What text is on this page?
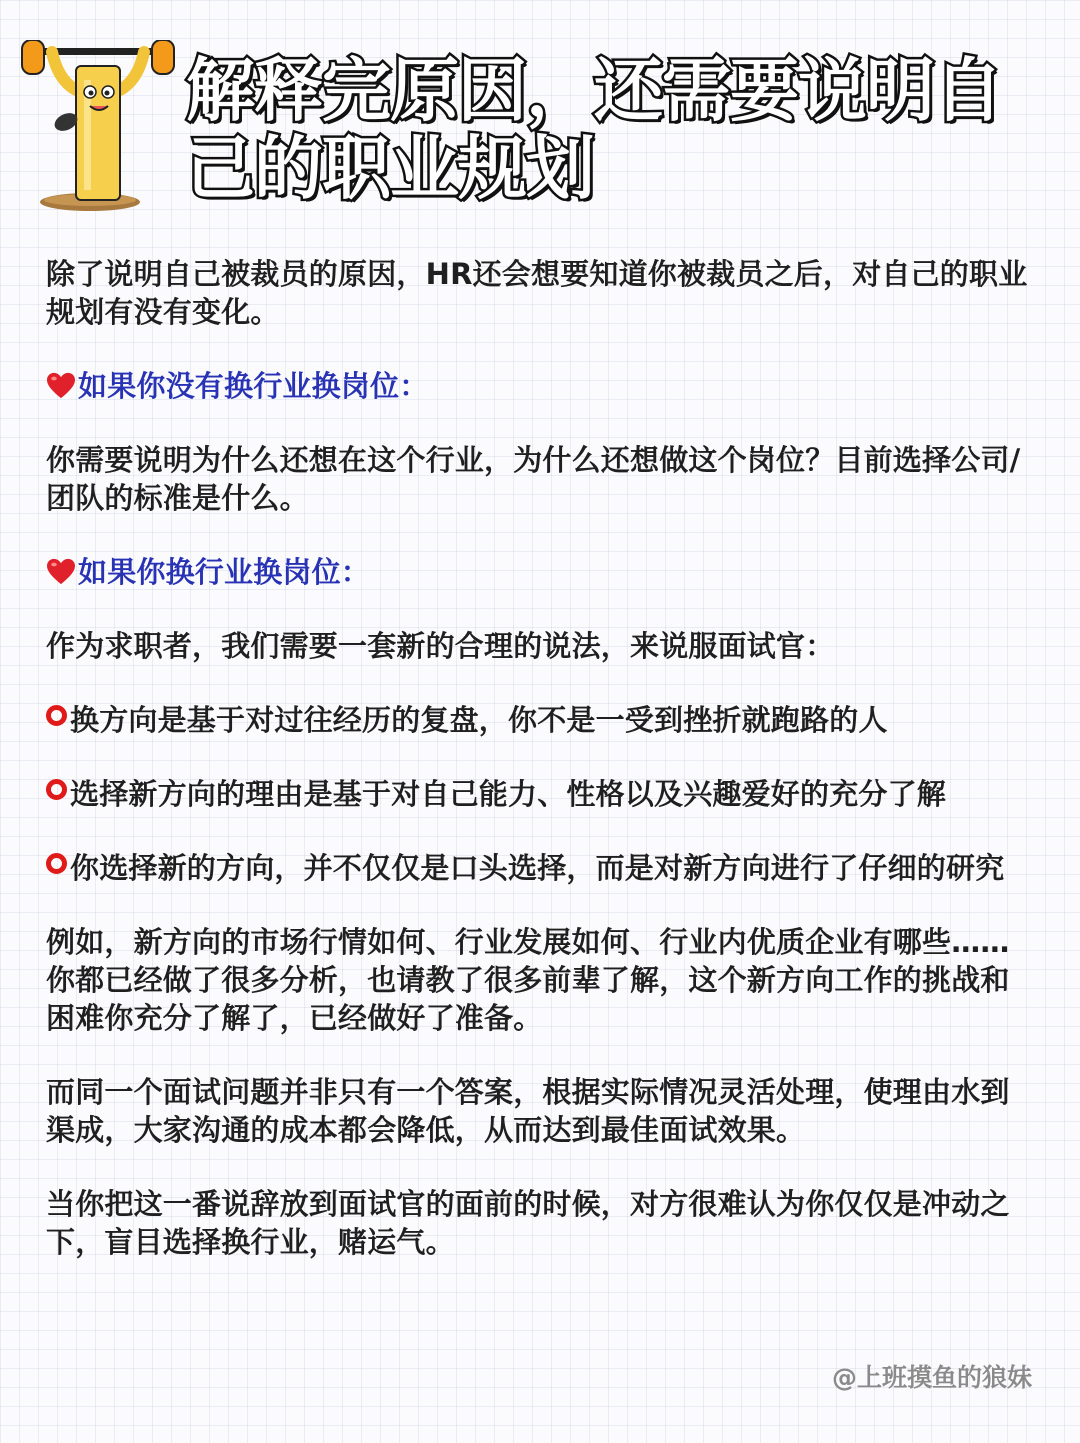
解释完原因，还需要说明自己的职业规划

除了说明自己被裁员的原因，HR还会想要知道你被裁员之后，对自己的职业规划有没有变化。

如果你没有换行业换岗位：

你需要说明为什么还想在这个行业，为什么还想做这个岗位？目前选择公司/团队的标准是什么。

如果你换行业换岗位：

作为求职者，我们需要一套新的合理的说法，来说服面试官：

换方向是基于对过往经历的复盘，你不是一受到挫折就跑路的人

选择新方向的理由是基于对自己能力、性格以及兴趣爱好的充分了解

你选择新的方向，并不仅仅是口头选择，而是对新方向进行了仔细的研究

例如，新方向的市场行情如何、行业发展如何、行业内优质企业有哪些……你都已经做了很多分析，也请教了很多前辈了解，这个新方向工作的挑战和困难你充分了解了，已经做好了准备。

而同一个面试问题并非只有一个答案，根据实际情况灵活处理，使理由水到渠成，大家沟通的成本都会降低，从而达到最佳面试效果。

当你把这一番说辞放到面试官的面前的时候，对方很难认为你仅仅是冲动之下，盲目选择换行业，赌运气。

@上班摸鱼的狼妹
